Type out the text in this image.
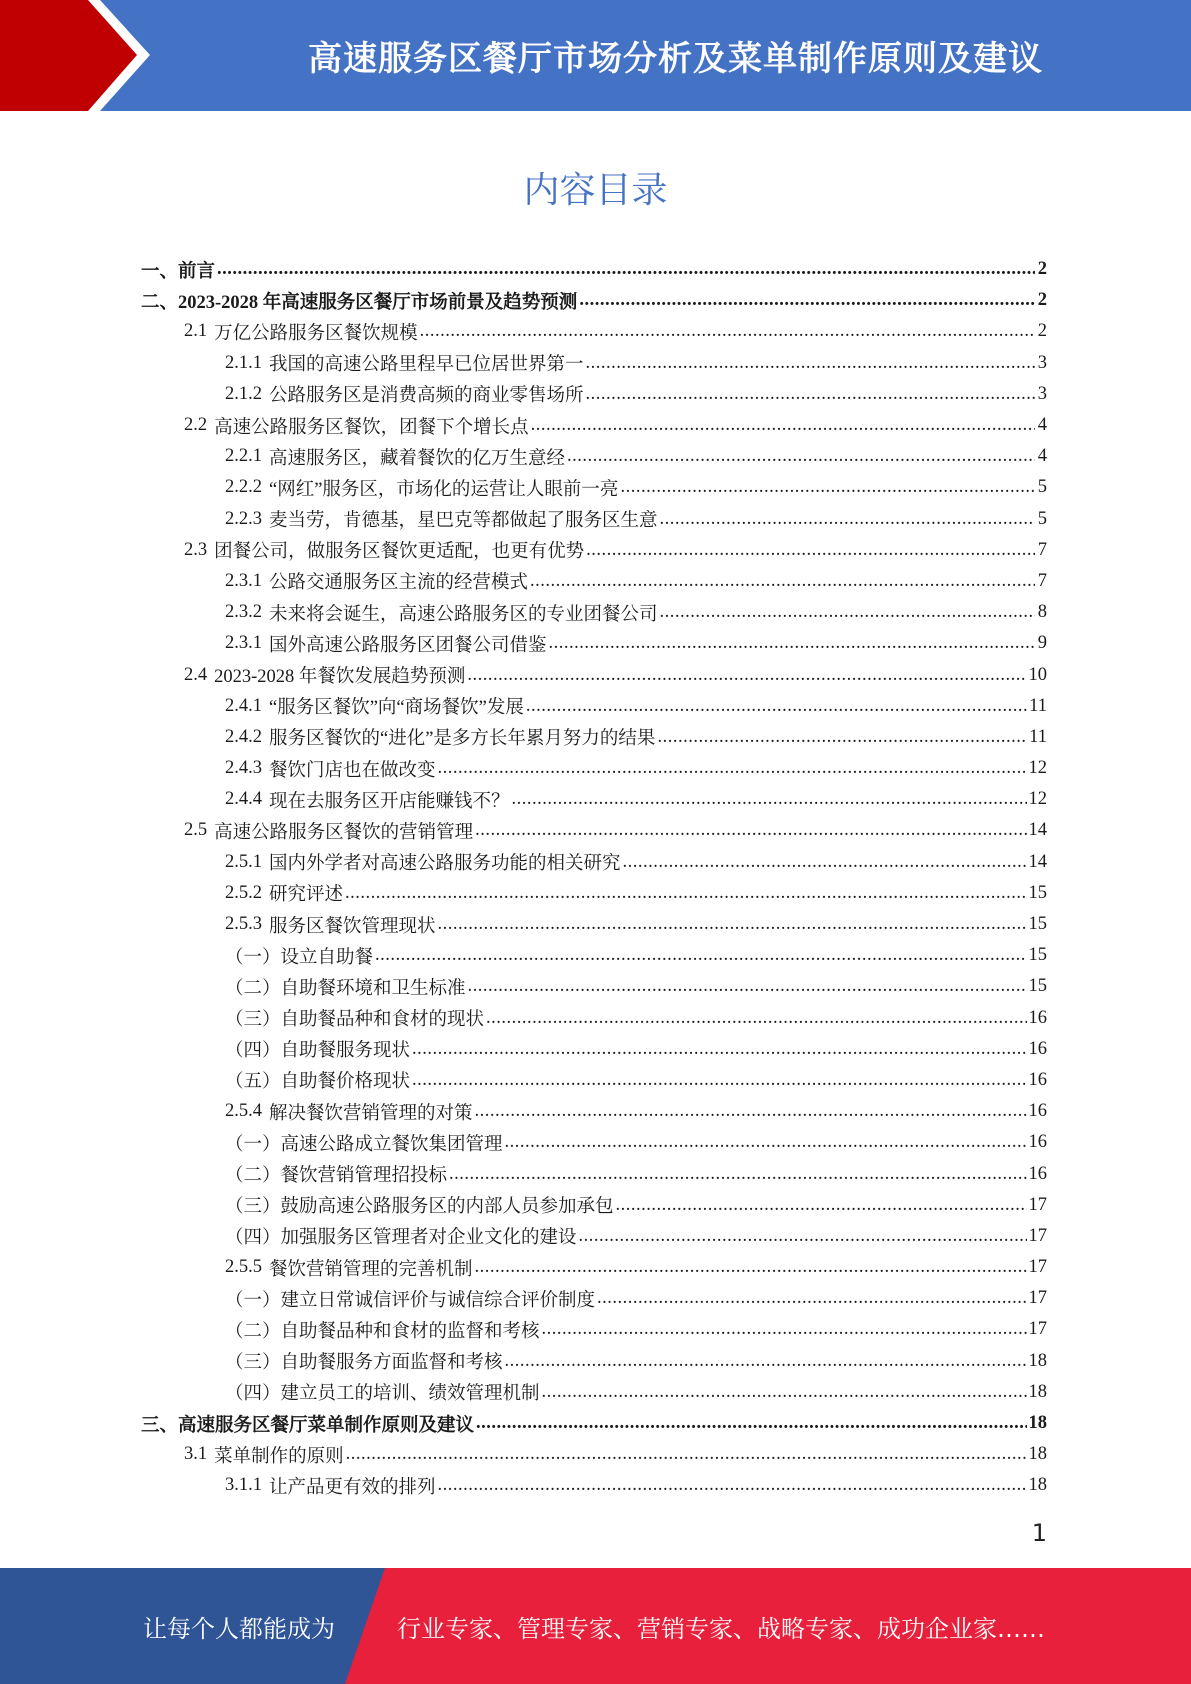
高速服务区餐厅市场分析及菜单制作原则及建议
内容目录
一、 前言 .....	2
二、 2023-2028 年高速服务区餐厅市场前景及趋势预测 .....	2
2.1 万亿公路服务区餐饮规模 .....	2
2.1.1 我国的高速公路里程早已位居世界第一 .....	3
2.1.2 公路服务区是消费高频的商业零售场所 .....	3
2.2 高速公路服务区餐饮，团餐下个增长点 .....	4
2.2.1 高速服务区，藏着餐饮的亿万生意经 .....	4
2.2.2 “网红”服务区，市场化的运营让人眼前一亮 .....	5
2.2.3 麦当劳，肯德基，星巴克等都做起了服务区生意 .....	5
2.3 团餐公司，做服务区餐饮更适配，也更有优势 .....	7
2.3.1 公路交通服务区主流的经营模式 .....	7
2.3.2 未来将会诞生，高速公路服务区的专业团餐公司 .....	8
2.3.1 国外高速公路服务区团餐公司借鉴 .....	9
2.4 2023-2028 年餐饮发展趋势预测 .....	10
2.4.1 “服务区餐饮”向“商场餐饮”发展 .....	11
2.4.2 服务区餐饮的“进化”是多方长年累月努力的结果 .....	11
2.4.3 餐饮门店也在做改变 .....	12
2.4.4 现在去服务区开店能赚钱不？ .....	12
2.5 高速公路服务区餐饮的营销管理 .....	14
2.5.1 国内外学者对高速公路服务功能的相关研究 .....	14
2.5.2 研究评述 .....	15
2.5.3 服务区餐饮管理现状 .....	15
（一） 设立自助餐 .....	15
（二） 自助餐环境和卫生标准 .....	15
（三） 自助餐品种和食材的现状 .....	16
（四） 自助餐服务现状 .....	16
（五） 自助餐价格现状 .....	16
2.5.4 解决餐饮营销管理的对策 .....	16
（一） 高速公路成立餐饮集团管理 .....	16
（二） 餐饮营销管理招投标 .....	16
（三） 鼓励高速公路服务区的内部人员参加承包 .....	17
（四） 加强服务区管理者对企业文化的建设 .....	17
2.5.5 餐饮营销管理的完善机制 .....	17
（一） 建立日常诚信评价与诚信综合评价制度 .....	17
（二） 自助餐品种和食材的监督和考核 .....	17
（三） 自助餐服务方面监督和考核 .....	18
（四） 建立员工的培训、绩效管理机制 .....	18
三、 高速服务区餐厅菜单制作原则及建议 .....	18
3.1 菜单制作的原则 .....	18
3.1.1 让产品更有效的排列 .....	18
1
让每个人都能成为	行业专家、管理专家、营销专家、战略专家、成功企业家……
